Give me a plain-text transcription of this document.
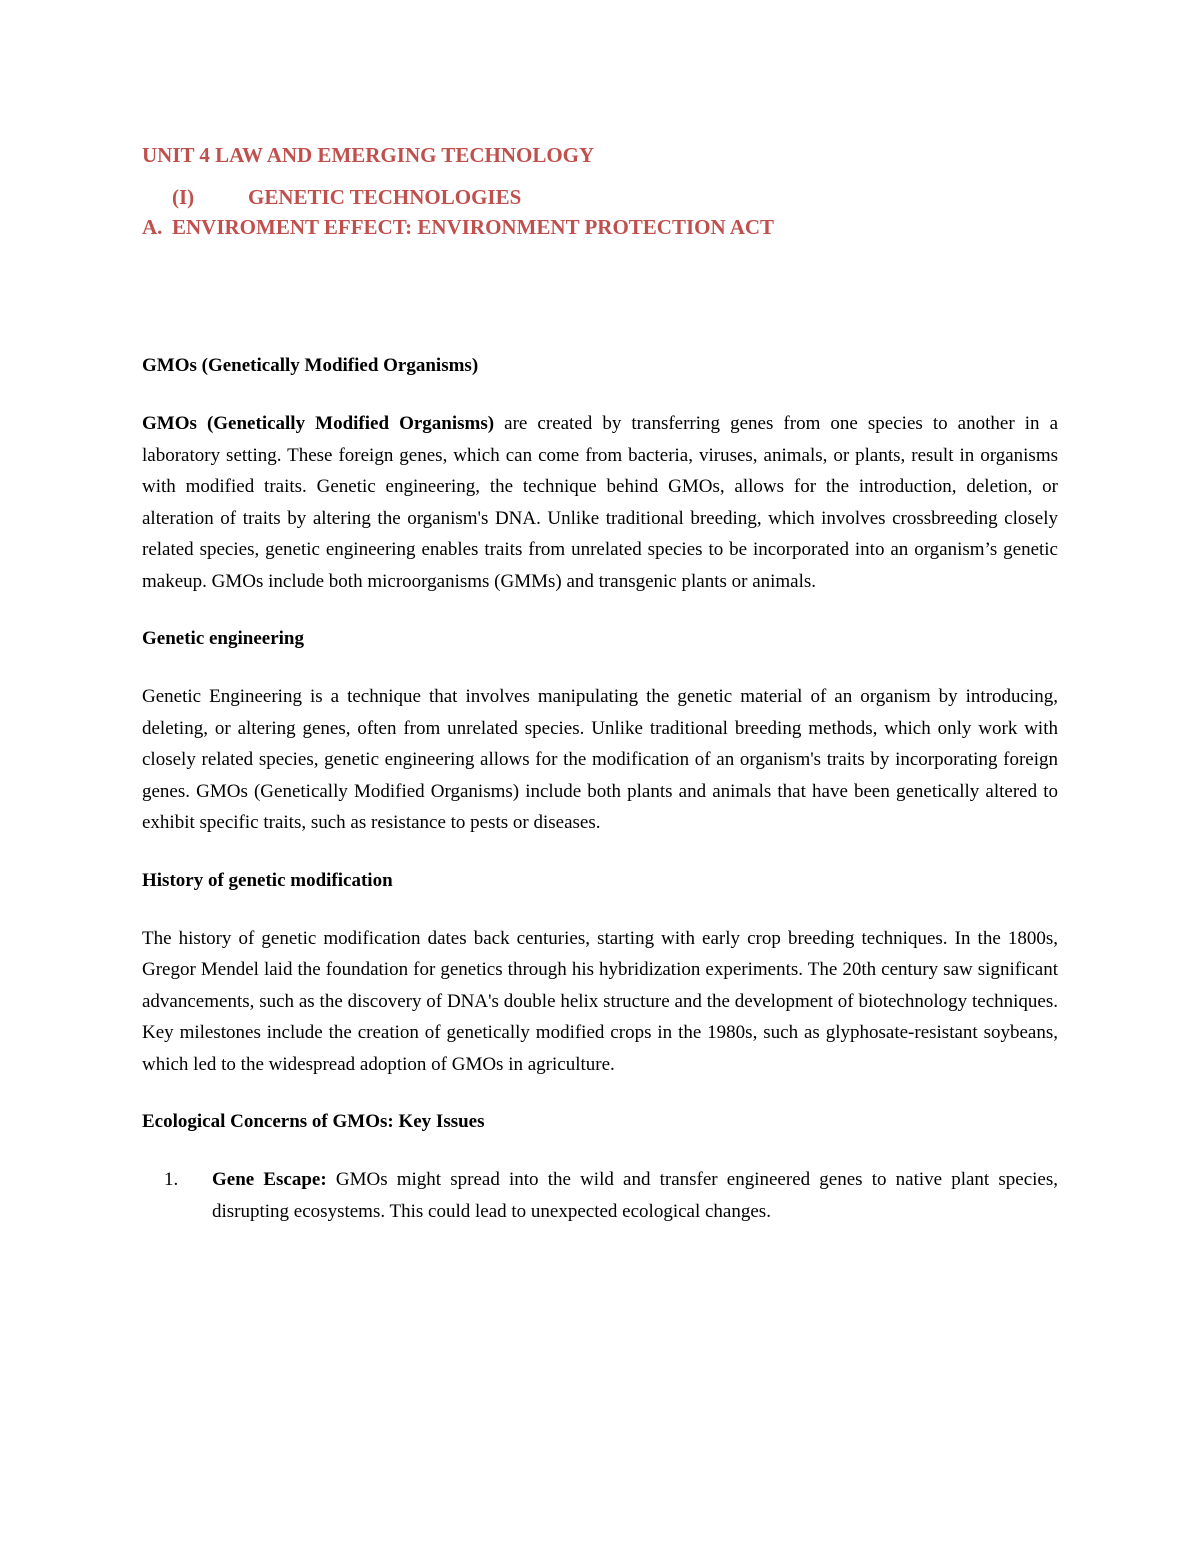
UNIT 4 LAW AND EMERGING TECHNOLOGY

(I)	GENETIC TECHNOLOGIES

A. ENVIROMENT EFFECT: ENVIRONMENT PROTECTION ACT

GMOs (Genetically Modified Organisms)

GMOs (Genetically Modified Organisms) are created by transferring genes from one species to another in a laboratory setting. These foreign genes, which can come from bacteria, viruses, animals, or plants, result in organisms with modified traits. Genetic engineering, the technique behind GMOs, allows for the introduction, deletion, or alteration of traits by altering the organism's DNA. Unlike traditional breeding, which involves crossbreeding closely related species, genetic engineering enables traits from unrelated species to be incorporated into an organism’s genetic makeup. GMOs include both microorganisms (GMMs) and transgenic plants or animals.

Genetic engineering

Genetic Engineering is a technique that involves manipulating the genetic material of an organism by introducing, deleting, or altering genes, often from unrelated species. Unlike traditional breeding methods, which only work with closely related species, genetic engineering allows for the modification of an organism's traits by incorporating foreign genes. GMOs (Genetically Modified Organisms) include both plants and animals that have been genetically altered to exhibit specific traits, such as resistance to pests or diseases.

History of genetic modification

The history of genetic modification dates back centuries, starting with early crop breeding techniques. In the 1800s, Gregor Mendel laid the foundation for genetics through his hybridization experiments. The 20th century saw significant advancements, such as the discovery of DNA's double helix structure and the development of biotechnology techniques. Key milestones include the creation of genetically modified crops in the 1980s, such as glyphosate-resistant soybeans, which led to the widespread adoption of GMOs in agriculture.

Ecological Concerns of GMOs: Key Issues

1.	Gene Escape: GMOs might spread into the wild and transfer engineered genes to native plant species, disrupting ecosystems. This could lead to unexpected ecological changes.
